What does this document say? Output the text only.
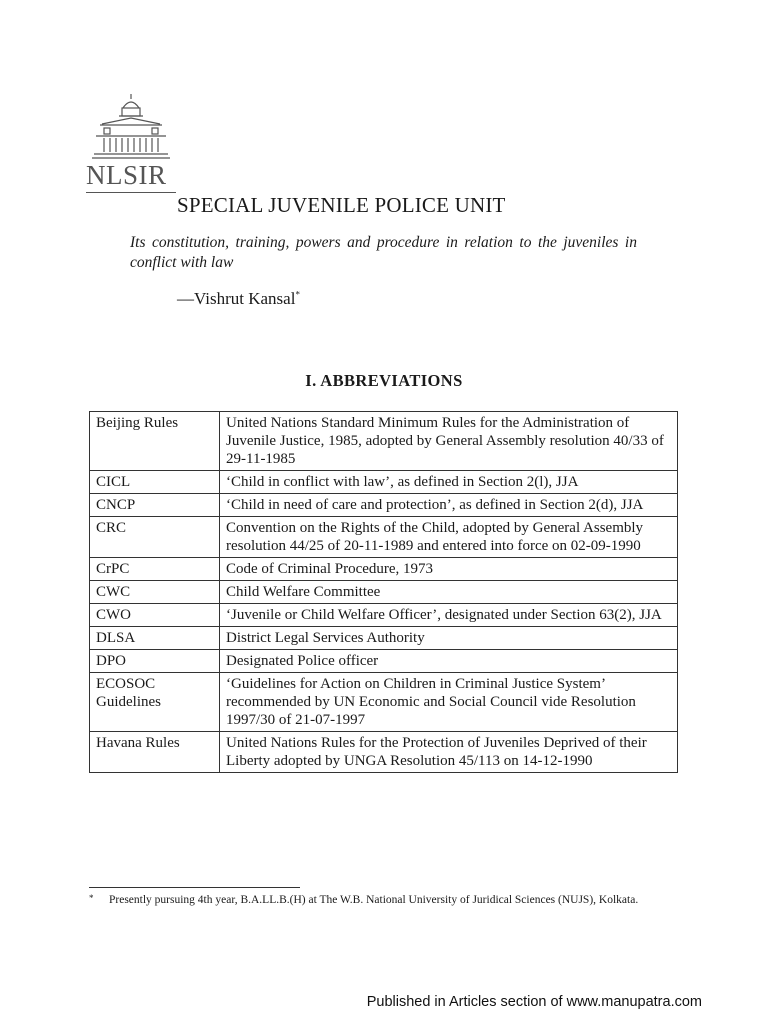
NLSIR
SPECIAL JUVENILE POLICE UNIT
Its constitution, training, powers and procedure in relation to the juveniles in conflict with law
—Vishrut Kansal*
I. ABBREVIATIONS
Beijing Rules	United Nations Standard Minimum Rules for the Administration of Juvenile Justice, 1985, adopted by General Assembly resolution 40/33 of 29-11-1985
CICL	‘Child in conflict with law’, as defined in Section 2(l), JJA
CNCP	‘Child in need of care and protection’, as defined in Section 2(d), JJA
CRC	Convention on the Rights of the Child, adopted by General Assembly resolution 44/25 of 20-11-1989 and entered into force on 02-09-1990
CrPC	Code of Criminal Procedure, 1973
CWC	Child Welfare Committee
CWO	‘Juvenile or Child Welfare Officer’, designated under Section 63(2), JJA
DLSA	District Legal Services Authority
DPO	Designated Police officer
ECOSOC Guidelines	‘Guidelines for Action on Children in Criminal Justice System’ recommended by UN Economic and Social Council vide Resolution 1997/30 of 21-07-1997
Havana Rules	United Nations Rules for the Protection of Juveniles Deprived of their Liberty adopted by UNGA Resolution 45/113 on 14-12-1990
*	Presently pursuing 4th year, B.A.LL.B.(H) at The W.B. National University of Juridical Sciences (NUJS), Kolkata.
Published in Articles section of www.manupatra.com
